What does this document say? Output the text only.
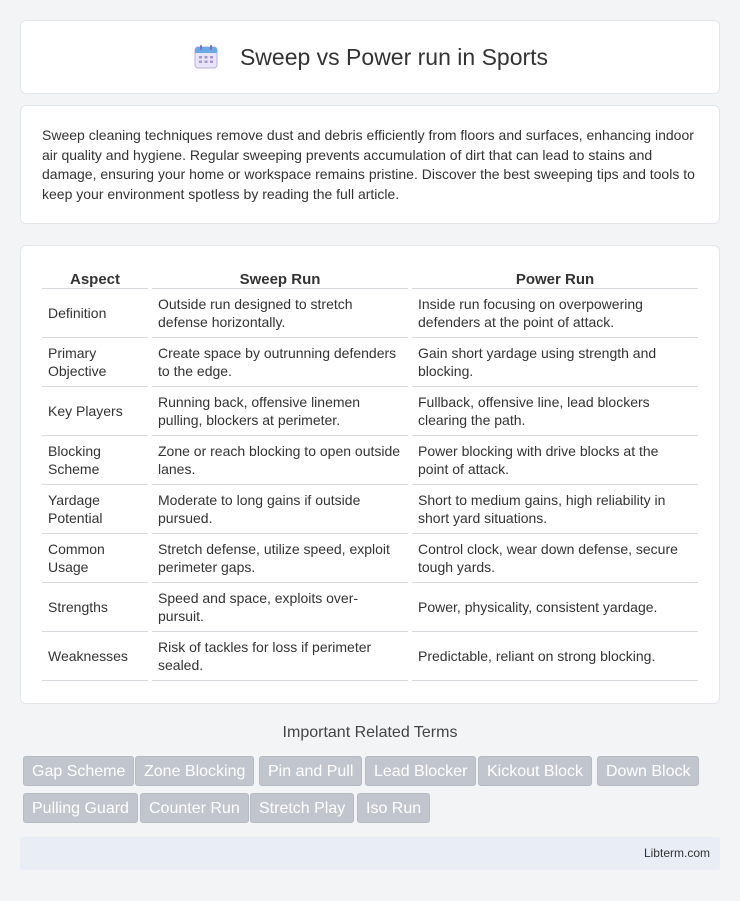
Sweep vs Power run in Sports

Sweep cleaning techniques remove dust and debris efficiently from floors and surfaces, enhancing indoor air quality and hygiene. Regular sweeping prevents accumulation of dirt that can lead to stains and damage, ensuring your home or workspace remains pristine. Discover the best sweeping tips and tools to keep your environment spotless by reading the full article.

Aspect		Sweep Run		Power Run
Definition		Outside run designed to stretch defense horizontally.		Inside run focusing on overpowering defenders at the point of attack.
Primary Objective		Create space by outrunning defenders to the edge.		Gain short yardage using strength and blocking.
Key Players		Running back, offensive linemen pulling, blockers at perimeter.		Fullback, offensive line, lead blockers clearing the path.
Blocking Scheme		Zone or reach blocking to open outside lanes.		Power blocking with drive blocks at the point of attack.
Yardage Potential		Moderate to long gains if outside pursued.		Short to medium gains, high reliability in short yard situations.
Common Usage		Stretch defense, utilize speed, exploit perimeter gaps.		Control clock, wear down defense, secure tough yards.
Strengths		Speed and space, exploits over-pursuit.		Power, physicality, consistent yardage.
Weaknesses		Risk of tackles for loss if perimeter sealed.		Predictable, reliant on strong blocking.
Important Related Terms
Gap Scheme	Zone Blocking	Pin and Pull	Lead Blocker	Kickout Block	Down Block
Pulling Guard	Counter Run	Stretch Play	Iso Run
Libterm.com
